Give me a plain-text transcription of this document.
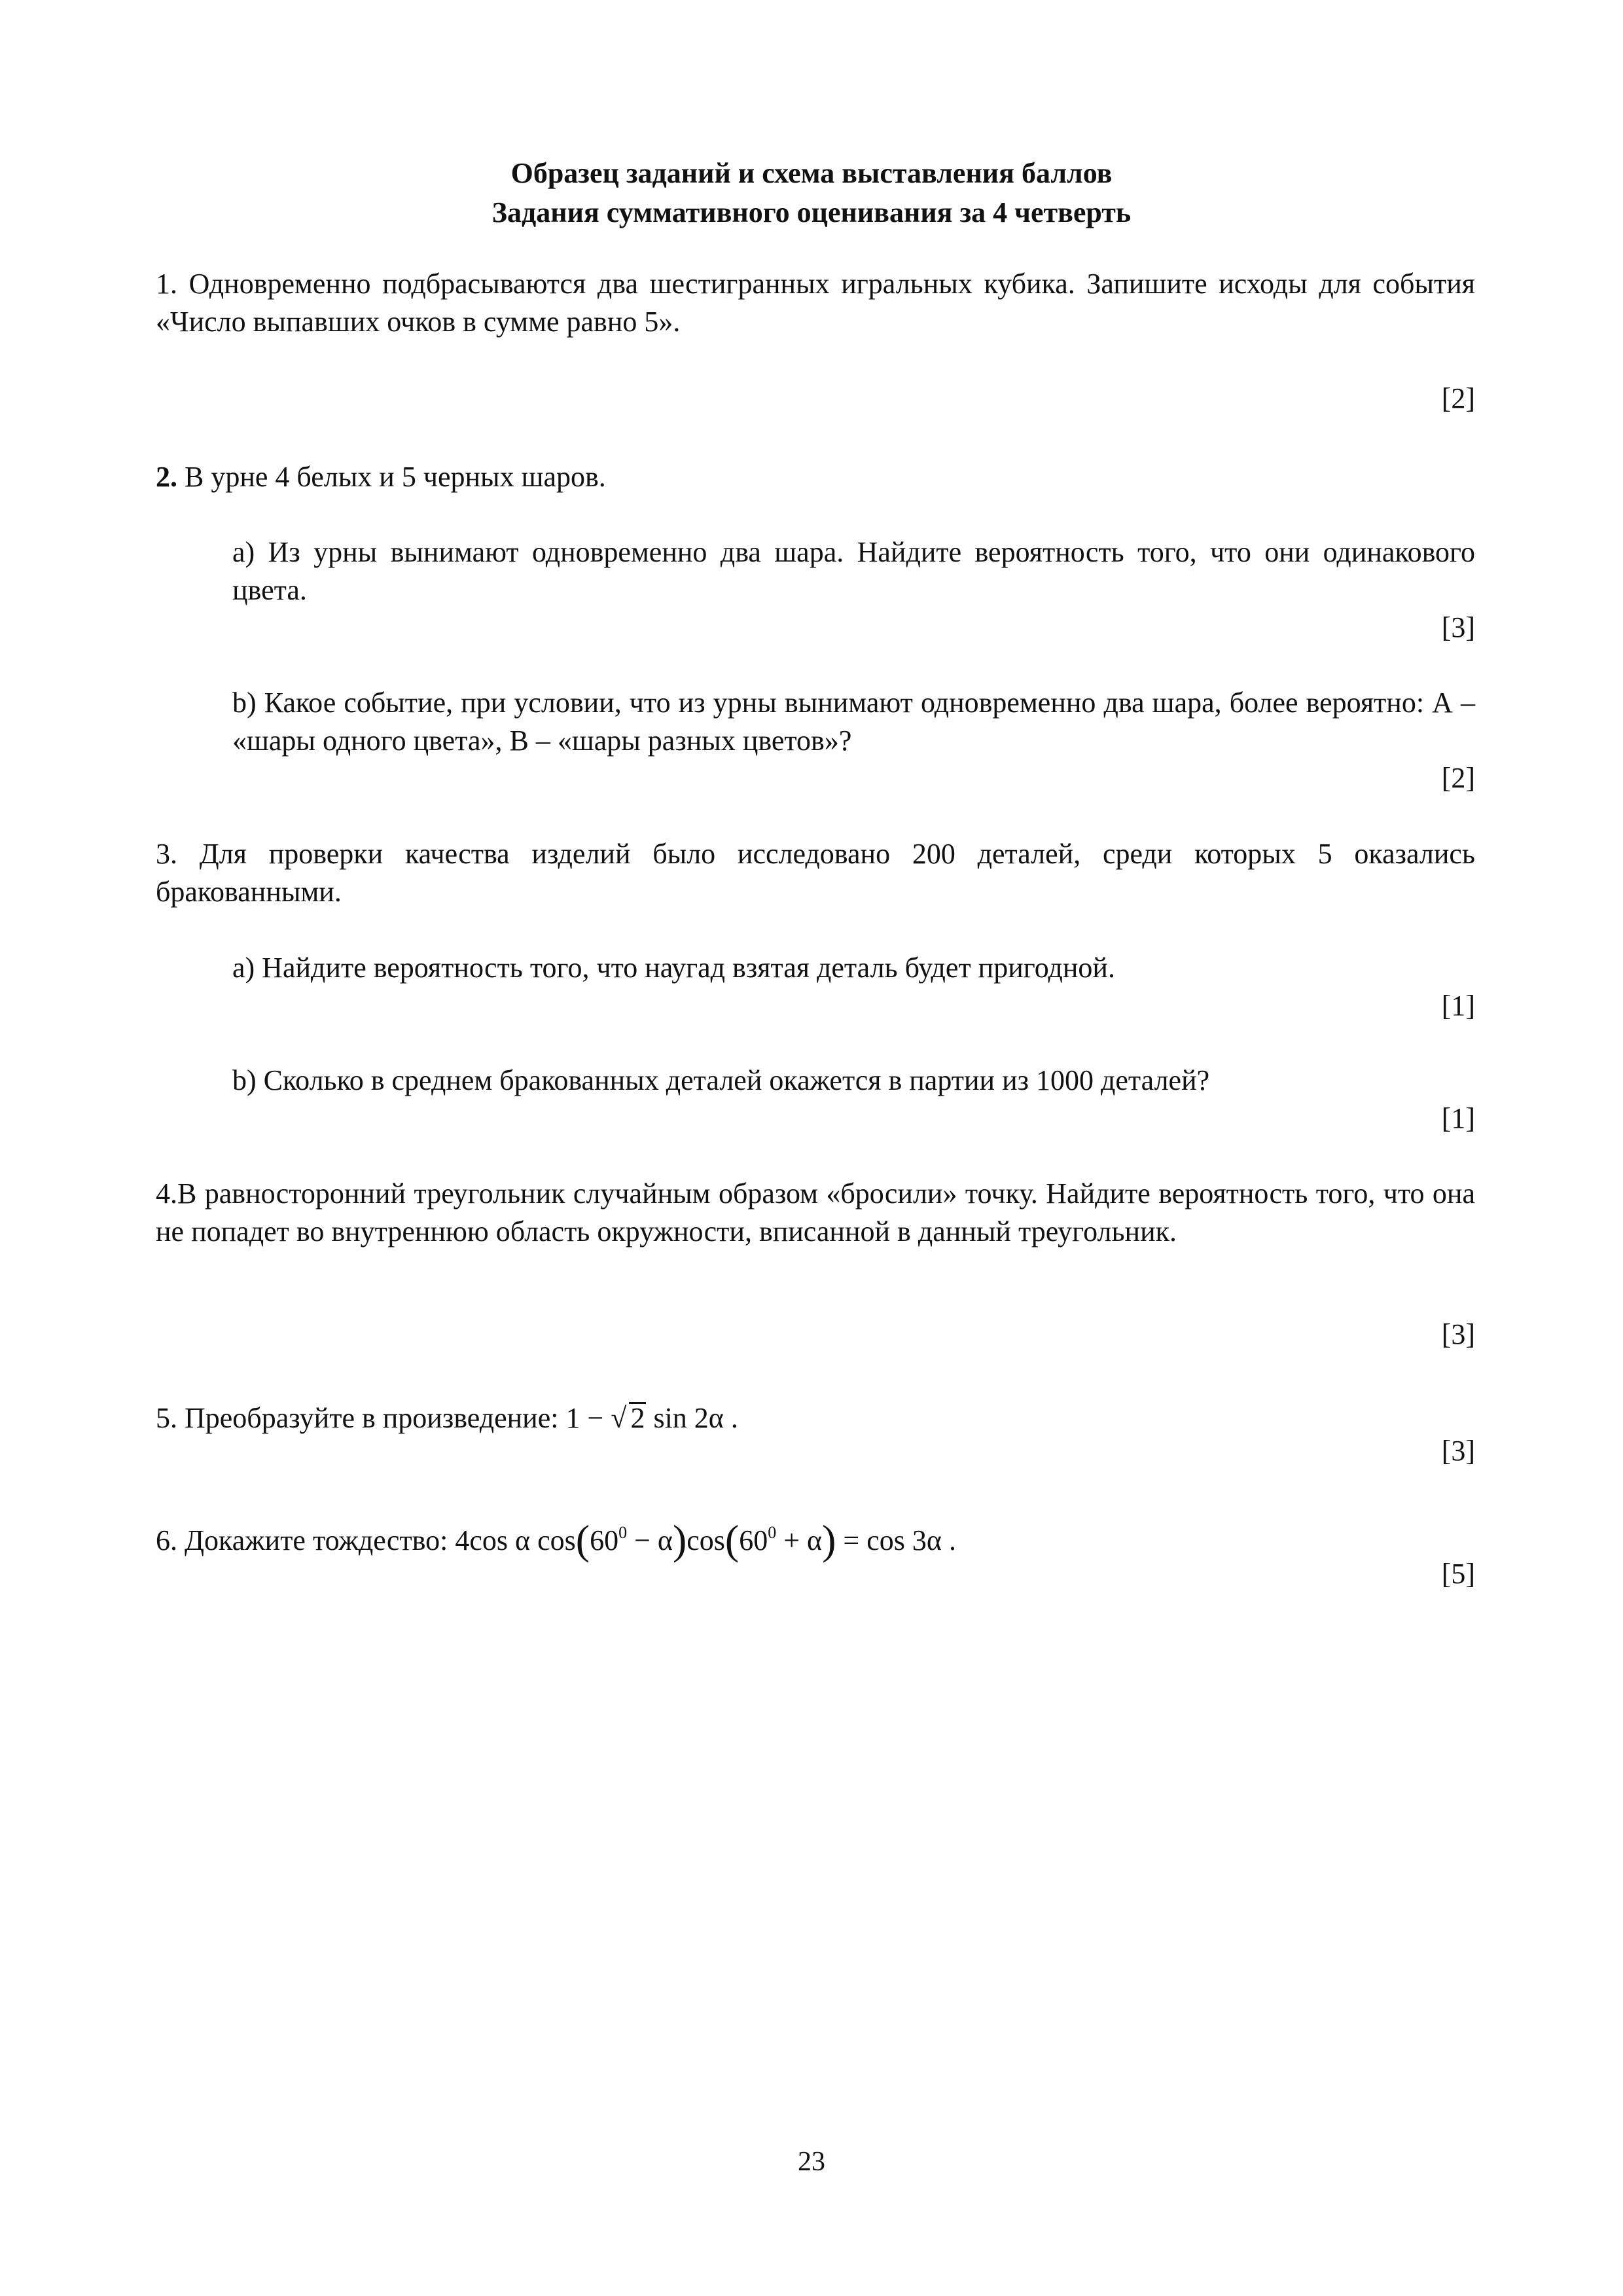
Образец заданий и схема выставления баллов
Задания суммативного оценивания за 4 четверть
1. Одновременно подбрасываются два шестигранных игральных кубика. Запишите исходы для события «Число выпавших очков в сумме равно 5».
[2]
2. В урне 4 белых и 5 черных шаров.
a) Из урны вынимают одновременно два шара. Найдите вероятность того, что они одинакового цвета.
[3]
b) Какое событие, при условии, что из урны вынимают одновременно два шара, более вероятно: А – «шары одного цвета», В – «шары разных цветов»?
[2]
3. Для проверки качества изделий было исследовано 200 деталей, среди которых 5 оказались бракованными.
a) Найдите вероятность того, что наугад взятая деталь будет пригодной.
[1]
b) Сколько в среднем бракованных деталей окажется в партии из 1000 деталей?
[1]
4.В равносторонний треугольник случайным образом «бросили» точку. Найдите вероятность того, что она не попадет во внутреннюю область окружности, вписанной в данный треугольник.
[3]
5. Преобразуйте в произведение: 1 − √ 2 sin 2α .
[3]
6. Докажите тождество: 4cos α $\cos(60^0 - \alpha)\cos(60^0 + \alpha) = \cos 3\alpha$ .
[5]
23
